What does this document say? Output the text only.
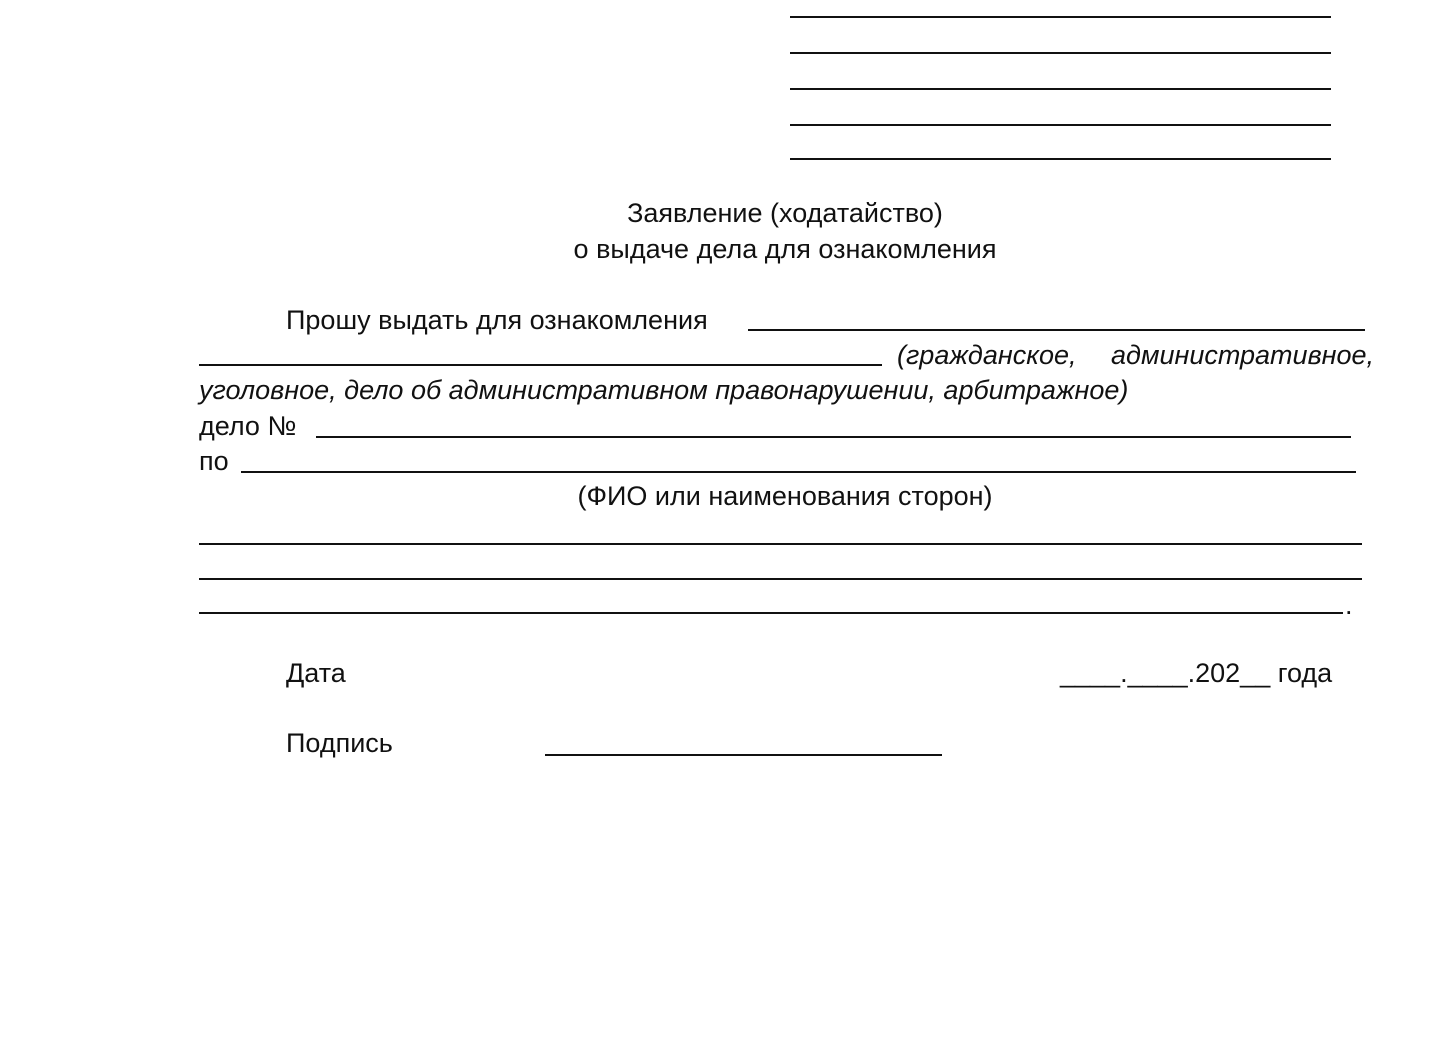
Заявление (ходатайство)
о выдаче дела для ознакомления
Прошу выдать для ознакомления
(гражданское, административное,
уголовное, дело об административном правонарушении, арбитражное)
дело №
по
(ФИО или наименования сторон)
.
Дата	____.____.202__ года
Подпись
